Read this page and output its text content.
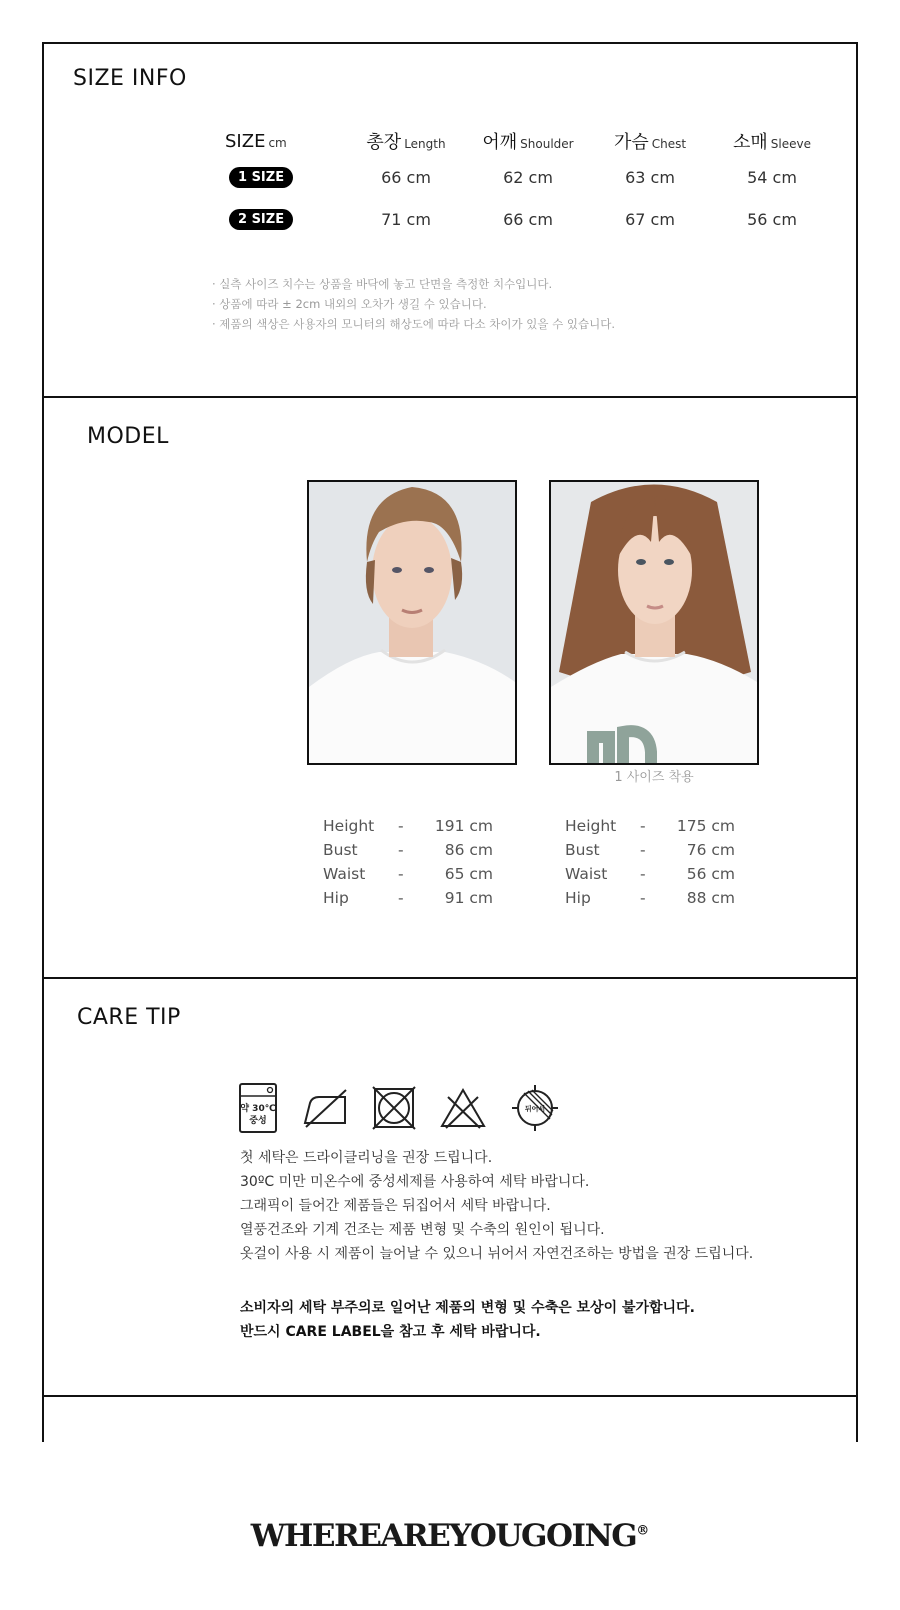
SIZE INFO
SIZE cm	총장 Length	어깨 Shoulder	가슴 Chest	소매 Sleeve
1 SIZE	66 cm	62 cm	63 cm	54 cm
2 SIZE	71 cm	66 cm	67 cm	56 cm
· 실측 사이즈 치수는 상품을 바닥에 놓고 단면을 측정한 치수입니다.
· 상품에 따라 ± 2cm 내외의 오차가 생길 수 있습니다.
· 제품의 색상은 사용자의 모니터의 해상도에 따라 다소 차이가 있을 수 있습니다.
MODEL
1 사이즈 착용
Height	-	191 cm
Bust	-	86 cm
Waist	-	65 cm
Hip	-	91 cm
Height	-	175 cm
Bust	-	76 cm
Waist	-	56 cm
Hip	-	88 cm
CARE TIP
약 30℃
중성
뒤어서
첫 세탁은 드라이클리닝을 권장 드립니다.
30ºC 미만 미온수에 중성세제를 사용하여 세탁 바랍니다.
그래픽이 들어간 제품들은 뒤집어서 세탁 바랍니다.
열풍건조와 기계 건조는 제품 변형 및 수축의 원인이 됩니다.
옷걸이 사용 시 제품이 늘어날 수 있으니 뉘어서 자연건조하는 방법을 권장 드립니다.
소비자의 세탁 부주의로 일어난 제품의 변형 및 수축은 보상이 불가합니다.
반드시 CARE LABEL을 참고 후 세탁 바랍니다.
WHEREAREYOUGOING®
